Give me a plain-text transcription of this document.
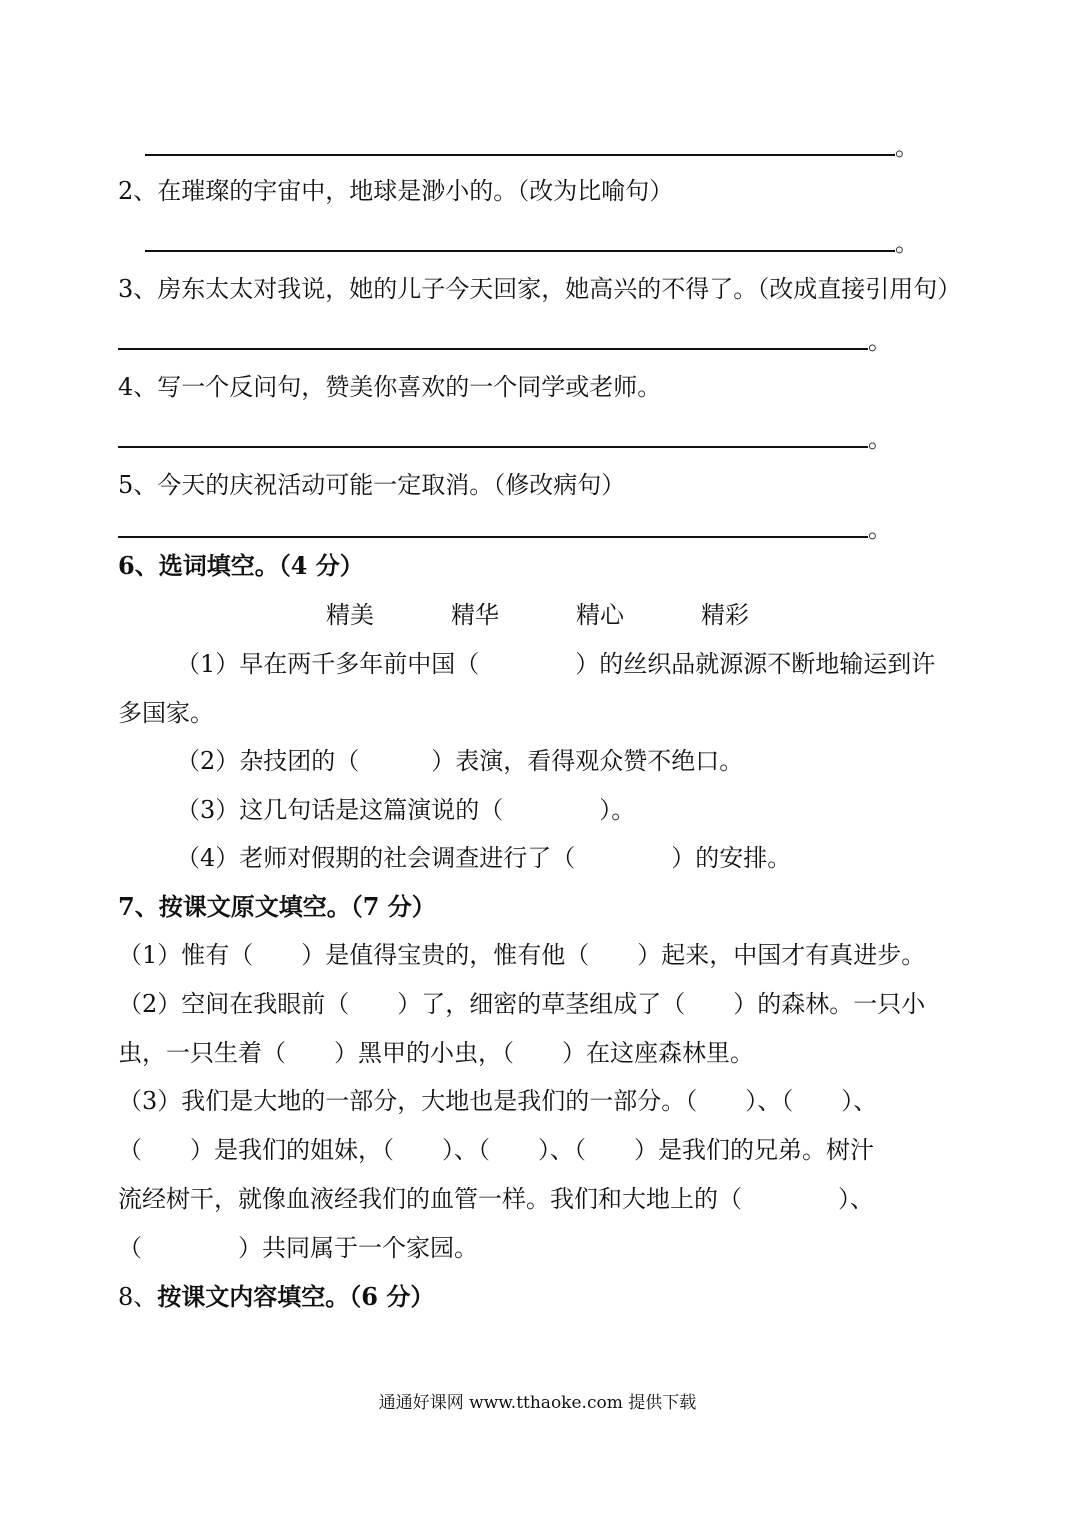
。
2、在璀璨的宇宙中，地球是渺小的。（改为比喻句）
。
3、房东太太对我说，她的儿子今天回家，她高兴的不得了。（改成直接引用句）
。
4、写一个反问句，赞美你喜欢的一个同学或老师。
。
5、今天的庆祝活动可能一定取消。（修改病句）
。
6、选词填空。（4 分）
精美	精华	精心	精彩
（1）早在两千多年前中国（　　　　）的丝织品就源源不断地输运到许
多国家。
（2）杂技团的（　　　）表演，看得观众赞不绝口。
（3）这几句话是这篇演说的（　　　　）。
（4）老师对假期的社会调查进行了（　　　　）的安排。
7、按课文原文填空。（7 分）
（1）惟有（　　）是值得宝贵的，惟有他（　　）起来，中国才有真进步。
（2）空间在我眼前（　　）了，细密的草茎组成了（　　）的森林。一只小
虫，一只生着（　　）黑甲的小虫，（　　）在这座森林里。
（3）我们是大地的一部分，大地也是我们的一部分。（　　）、（　　）、
（　　）是我们的姐妹，（　　）、（　　）、（　　）是我们的兄弟。树汁
流经树干，就像血液经我们的血管一样。我们和大地上的（　　　　）、
（　　　　）共同属于一个家园。
8、按课文内容填空。（6 分）
通通好课网 www.tthaoke.com 提供下载
